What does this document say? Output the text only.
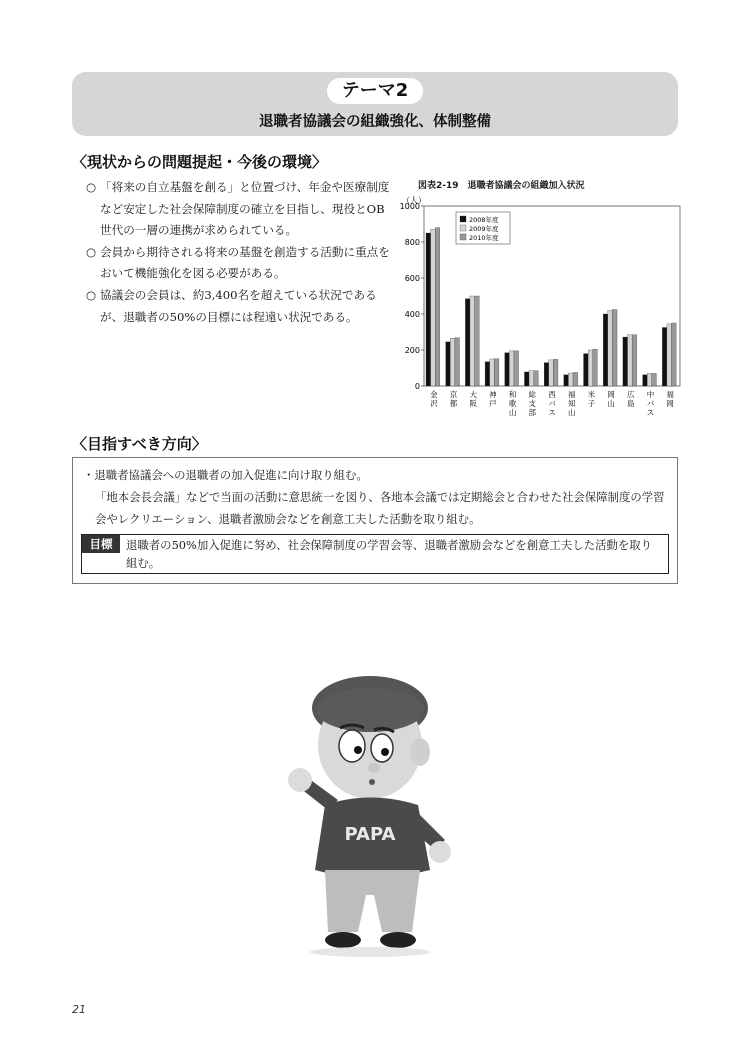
テーマ2
退職者協議会の組織強化、体制整備
〈現状からの問題提起・今後の環境〉
○ 「将来の自立基盤を創る」と位置づけ、年金や医療制度など安定した社会保障制度の確立を目指し、現役とOB世代の一層の連携が求められている。
○ 会員から期待される将来の基盤を創造する活動に重点をおいて機能強化を図る必要がある。
○ 協議会の会員は、約3,400名を超えている状況であるが、退職者の50%の目標には程遠い状況である。
図表2-19　退職者協議会の組織加入状況
0
200
400
600
800
1000
（人）
金
沢
京
都
大
阪
神
戸
和
歌
山
総
支
部
西
バ
ス
福
知
山
米
子
岡
山
広
島
中
バ
ス
福
岡
2008年度
2009年度
2010年度
〈目指すべき方向〉
・退職者協議会への退職者の加入促進に向け取り組む。
「地本会長会議」などで当面の活動に意思統一を図り、各地本会議では定期総会と合わせた社会保障制度の学習会やレクリエーション、退職者激励会などを創意工夫した活動を取り組む。
目標	退職者の50%加入促進に努め、社会保障制度の学習会等、退職者激励会などを創意工夫した活動を取り組む。
PAPA
21
